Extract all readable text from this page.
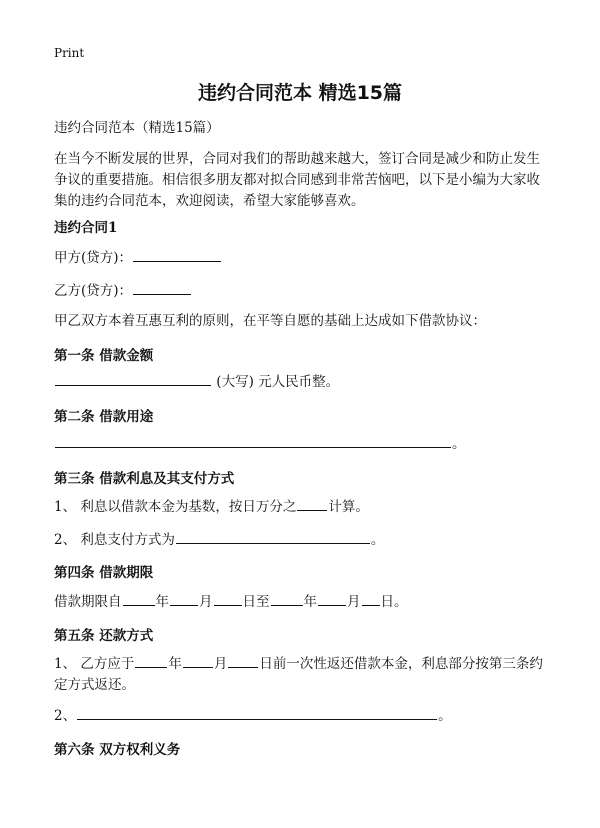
Print
违约合同范本 精选15篇
违约合同范本（精选15篇）
在当今不断发展的世界，合同对我们的帮助越来越大，签订合同是减少和防止发生争议的重要措施。相信很多朋友都对拟合同感到非常苦恼吧，以下是小编为大家收集的违约合同范本，欢迎阅读，希望大家能够喜欢。
违约合同1
甲方(贷方)：
乙方(贷方)：
甲乙双方本着互惠互利的原则，在平等自愿的基础上达成如下借款协议：
第一条 借款金额
(大写) 元人民币整。
第二条 借款用途
。
第三条 借款利息及其支付方式
1、 利息以借款本金为基数，按日万分之 计算。
2、 利息支付方式为	。
第四条 借款期限
借款期限自	年 月 日至	年 月 日。
第五条 还款方式
1、 乙方应于	年 月 日前一次性返还借款本金，利息部分按第三条约定方式返还。
2、	。
第六条 双方权利义务
